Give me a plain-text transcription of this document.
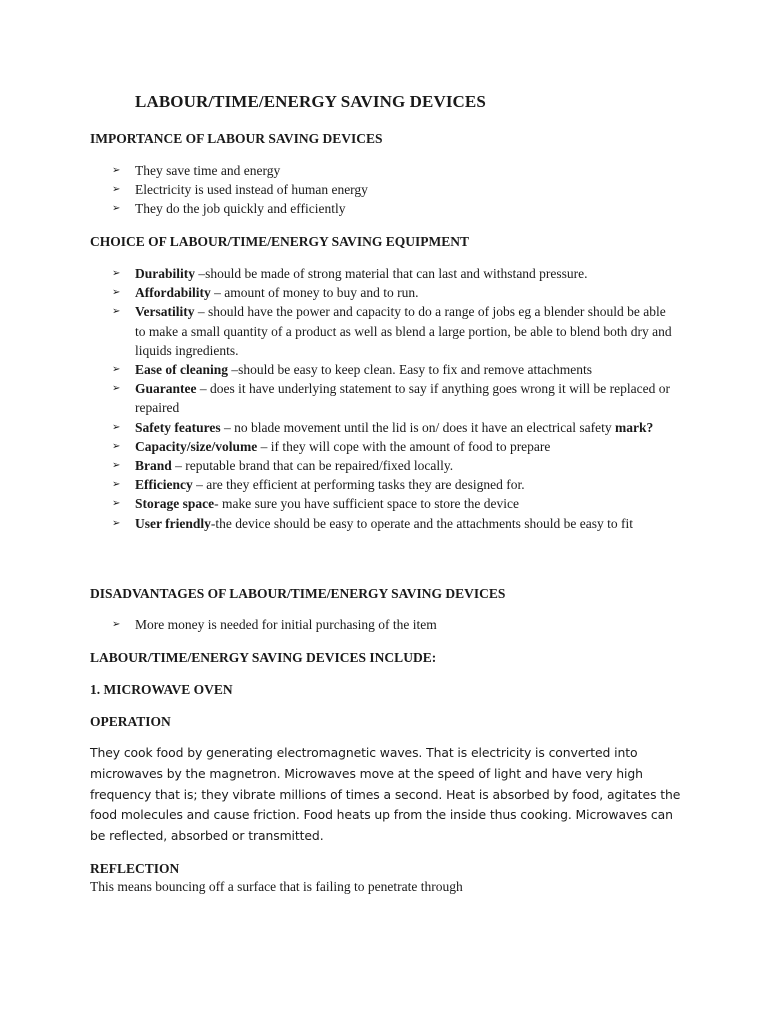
LABOUR/TIME/ENERGY SAVING DEVICES
IMPORTANCE OF LABOUR SAVING DEVICES
➢ They save time and energy
➢ Electricity is used instead of human energy
➢ They do the job quickly and efficiently
CHOICE OF LABOUR/TIME/ENERGY SAVING EQUIPMENT
➢ Durability –should be made of strong material that can last and withstand pressure.
➢ Affordability – amount of money to buy and to run.
➢ Versatility – should have the power and capacity to do a range of jobs eg a blender should be able to make a small quantity of a product as well as blend a large portion, be able to blend both dry and liquids ingredients.
➢ Ease of cleaning –should be easy to keep clean. Easy to fix and remove attachments
➢ Guarantee – does it have underlying statement to say if anything goes wrong it will be replaced or repaired
➢ Safety features – no blade movement until the lid is on/ does it have an electrical safety mark?
➢ Capacity/size/volume – if they will cope with the amount of food to prepare
➢ Brand – reputable brand that can be repaired/fixed locally.
➢ Efficiency – are they efficient at performing tasks they are designed for.
➢ Storage space- make sure you have sufficient space to store the device
➢ User friendly-the device should be easy to operate and the attachments should be easy to fit
DISADVANTAGES OF LABOUR/TIME/ENERGY SAVING DEVICES
➢ More money is needed for initial purchasing of the item
LABOUR/TIME/ENERGY SAVING DEVICES INCLUDE:
1. MICROWAVE OVEN
OPERATION

They cook food by generating electromagnetic waves. That is electricity is converted into microwaves by the magnetron. Microwaves move at the speed of light and have very high frequency that is; they vibrate millions of times a second. Heat is absorbed by food, agitates the food molecules and cause friction. Food heats up from the inside thus cooking. Microwaves can be reflected, absorbed or transmitted.

REFLECTION
This means bouncing off a surface that is failing to penetrate through
